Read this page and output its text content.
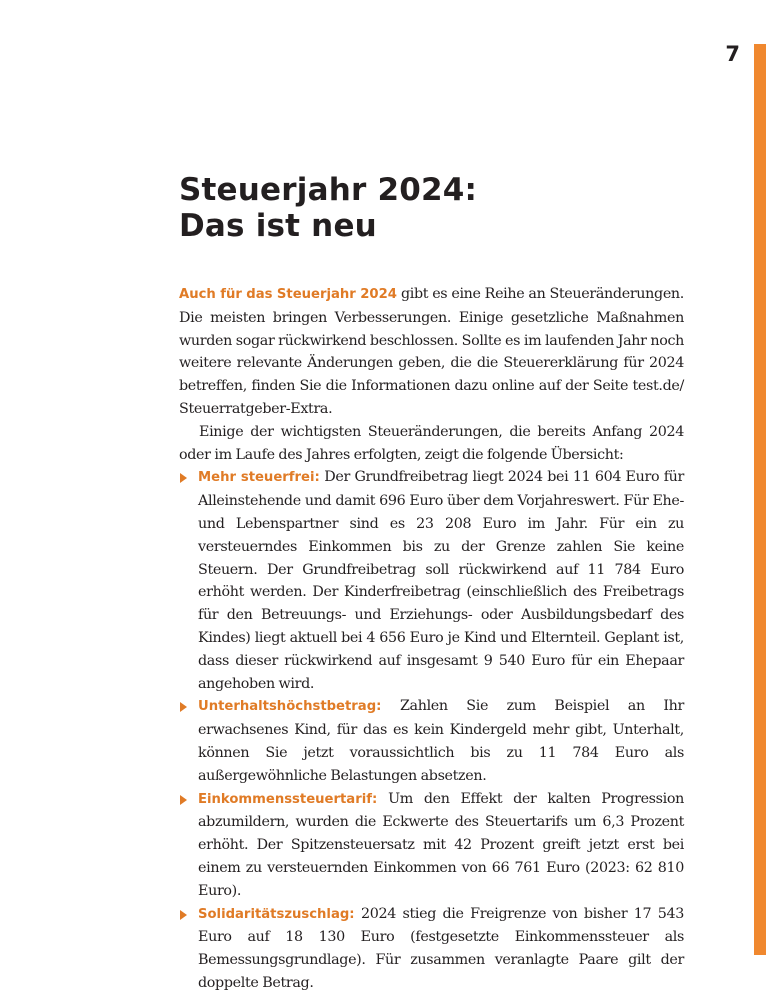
7
Steuerjahr 2024:
Das ist neu

Auch für das Steuerjahr 2024 gibt es eine Reihe an Steueränderungen. Die meisten bringen Verbesserungen. Einige gesetzliche Maßnahmen wurden sogar rückwirkend beschlossen. Sollte es im laufenden Jahr noch weitere relevante Änderungen geben, die die Steuererklärung für 2024 betreffen, finden Sie die Informationen dazu online auf der Seite test.de/ Steuerratgeber-Extra.

Einige der wichtigsten Steueränderungen, die bereits Anfang 2024 oder im Laufe des Jahres erfolgten, zeigt die folgende Übersicht:

Mehr steuerfrei: Der Grundfreibetrag liegt 2024 bei 11 604 Euro für Alleinstehende und damit 696 Euro über dem Vorjahreswert. Für Ehe- und Lebenspartner sind es 23 208 Euro im Jahr. Für ein zu versteuerndes Einkommen bis zu der Grenze zahlen Sie keine Steuern. Der Grundfreibetrag soll rückwirkend auf 11 784 Euro erhöht werden. Der Kinderfreibetrag (einschließlich des Freibetrags für den Betreuungs- und Erziehungs- oder Ausbildungsbedarf des Kindes) liegt aktuell bei 4 656 Euro je Kind und Elternteil. Geplant ist, dass dieser rückwirkend auf insgesamt 9 540 Euro für ein Ehepaar angehoben wird.
Unterhaltshöchstbetrag: Zahlen Sie zum Beispiel an Ihr erwachsenes Kind, für das es kein Kindergeld mehr gibt, Unterhalt, können Sie jetzt voraussichtlich bis zu 11 784 Euro als außergewöhnliche Belastungen absetzen.
Einkommenssteuertarif: Um den Effekt der kalten Progression abzumildern, wurden die Eckwerte des Steuertarifs um 6,3 Prozent erhöht. Der Spitzensteuersatz mit 42 Prozent greift jetzt erst bei einem zu versteuernden Einkommen von 66 761 Euro (2023: 62 810 Euro).
Solidaritätszuschlag: 2024 stieg die Freigrenze von bisher 17 543 Euro auf 18 130 Euro (festgesetzte Einkommenssteuer als Bemessungsgrundlage). Für zusammen veranlagte Paare gilt der doppelte Betrag.
